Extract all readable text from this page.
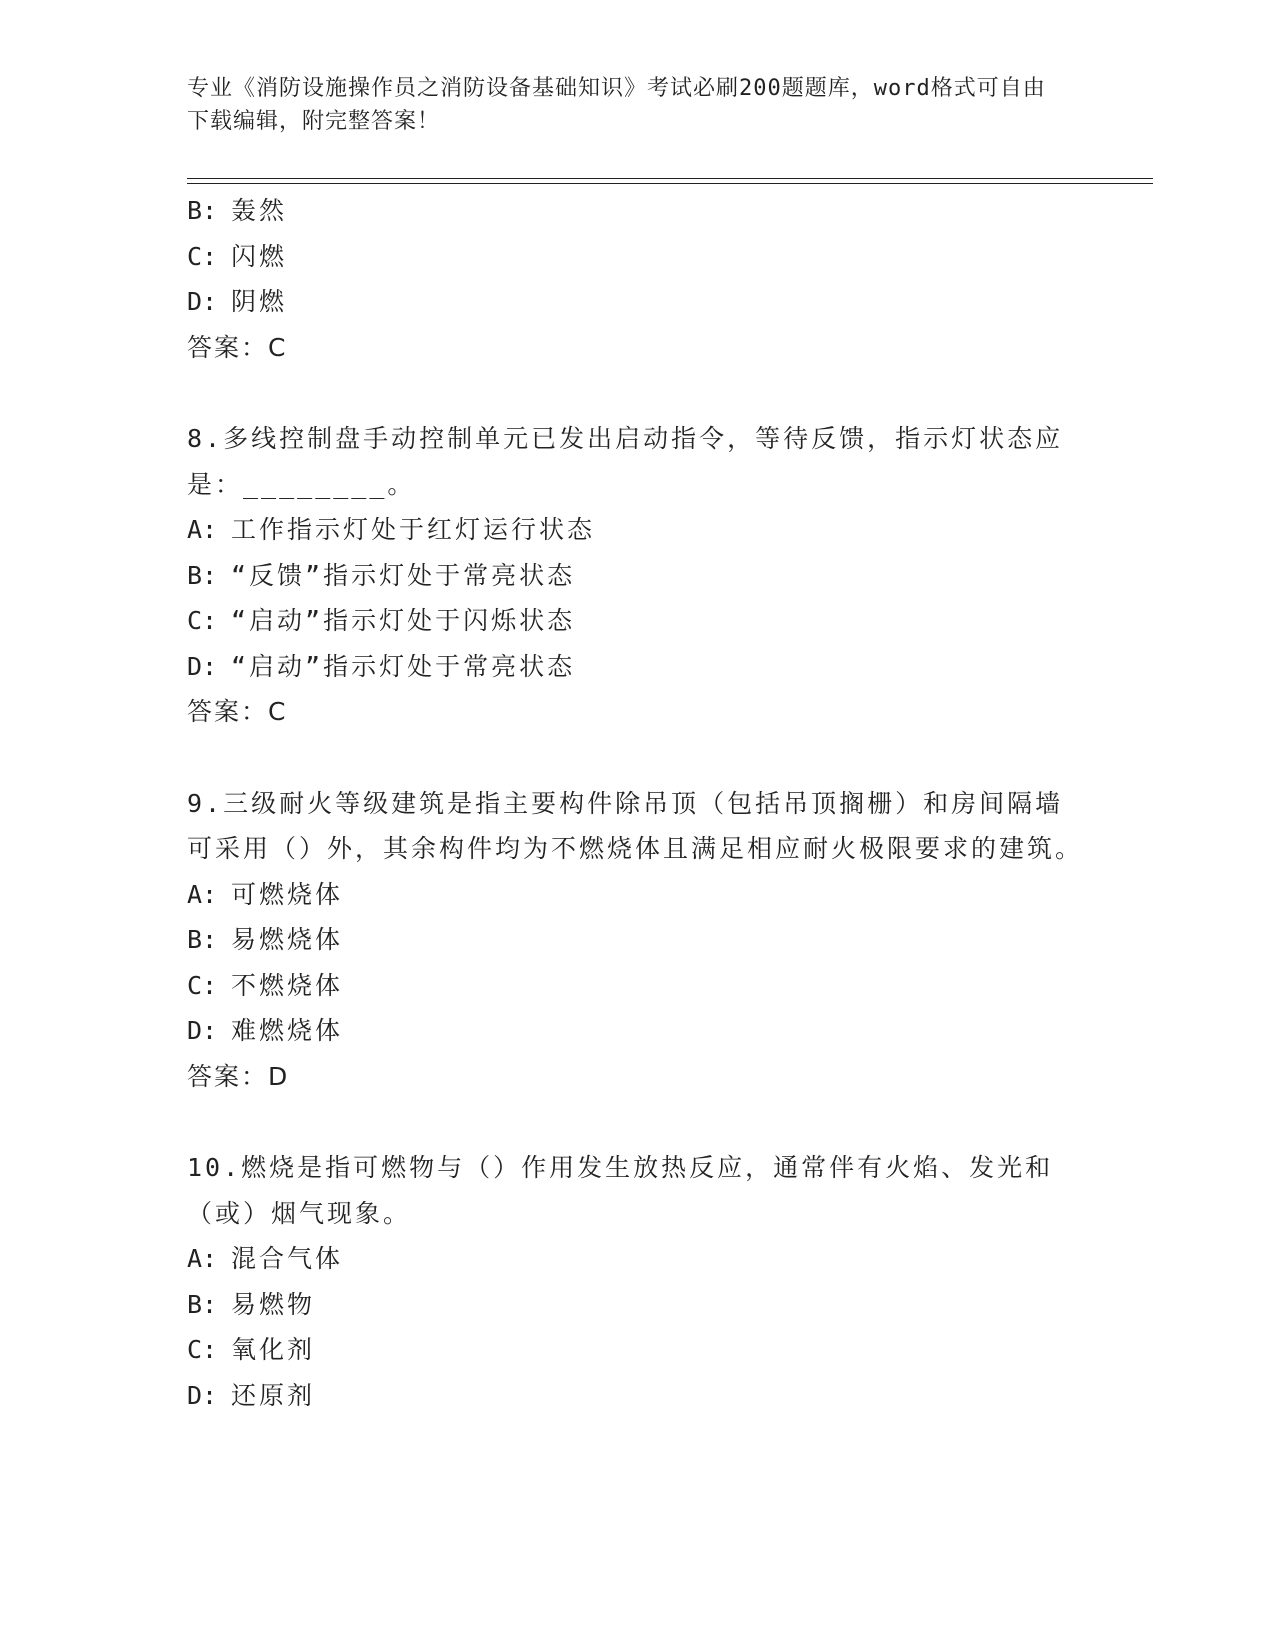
专业《消防设施操作员之消防设备基础知识》考试必刷200题题库，word格式可自由下载编辑，附完整答案！
B: 轰然
C: 闪燃
D: 阴燃
答案：C
8.多线控制盘手动控制单元已发出启动指令，等待反馈，指示灯状态应是：________。
A: 工作指示灯处于红灯运行状态
B: “反馈”指示灯处于常亮状态
C: “启动”指示灯处于闪烁状态
D: “启动”指示灯处于常亮状态
答案：C
9.三级耐火等级建筑是指主要构件除吊顶（包括吊顶搁栅）和房间隔墙可采用（）外，其余构件均为不燃烧体且满足相应耐火极限要求的建筑。
A: 可燃烧体
B: 易燃烧体
C: 不燃烧体
D: 难燃烧体
答案：D
10.燃烧是指可燃物与（）作用发生放热反应，通常伴有火焰、发光和（或）烟气现象。
A: 混合气体
B: 易燃物
C: 氧化剂
D: 还原剂
